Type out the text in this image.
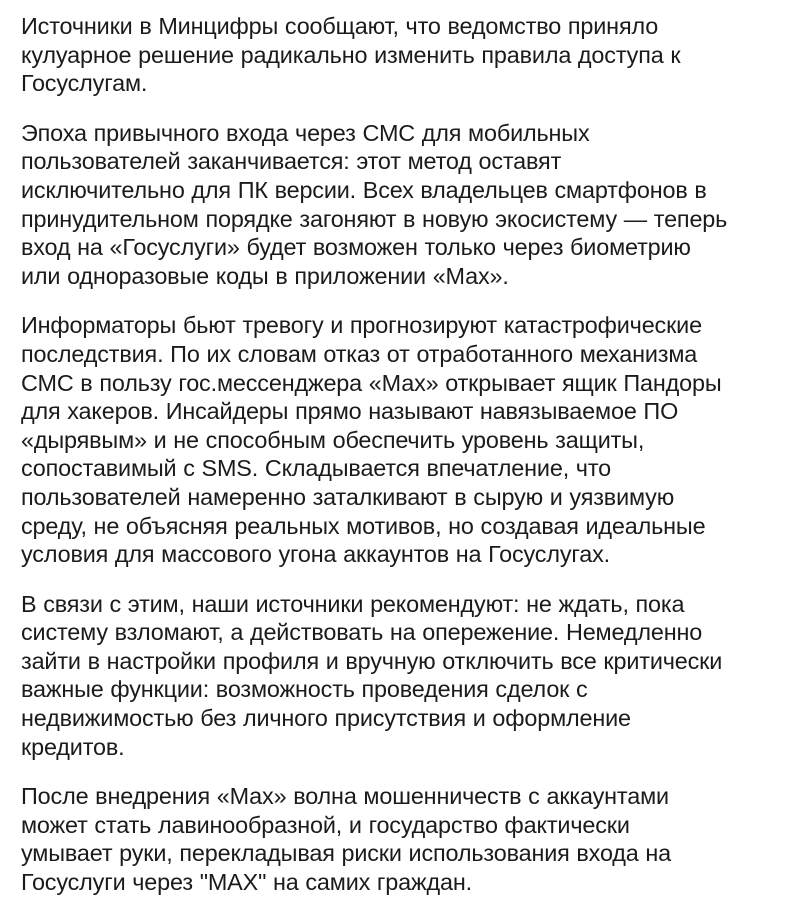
Источники в Минцифры сообщают, что ведомство приняло
кулуарное решение радикально изменить правила доступа к
Госуслугам.

Эпоха привычного входа через СМС для мобильных
пользователей заканчивается: этот метод оставят
исключительно для ПК версии. Всех владельцев смартфонов в
принудительном порядке загоняют в новую экосистему — теперь
вход на «Госуслуги» будет возможен только через биометрию
или одноразовые коды в приложении «Мах».

Информаторы бьют тревогу и прогнозируют катастрофические
последствия. По их словам отказ от отработанного механизма
СМС в пользу гос.мессенджера «Мах» открывает ящик Пандоры
для хакеров. Инсайдеры прямо называют навязываемое ПО
«дырявым» и не способным обеспечить уровень защиты,
сопоставимый с SMS. Складывается впечатление, что
пользователей намеренно заталкивают в сырую и уязвимую
среду, не объясняя реальных мотивов, но создавая идеальные
условия для массового угона аккаунтов на Госуслугах.

В связи с этим, наши источники рекомендуют: не ждать, пока
систему взломают, а действовать на опережение. Немедленно
зайти в настройки профиля и вручную отключить все критически
важные функции: возможность проведения сделок с
недвижимостью без личного присутствия и оформление
кредитов.

После внедрения «Мах» волна мошенничеств с аккаунтами
может стать лавинообразной, и государство фактически
умывает руки, перекладывая риски использования входа на
Госуслуги через "МАХ" на самих граждан.
